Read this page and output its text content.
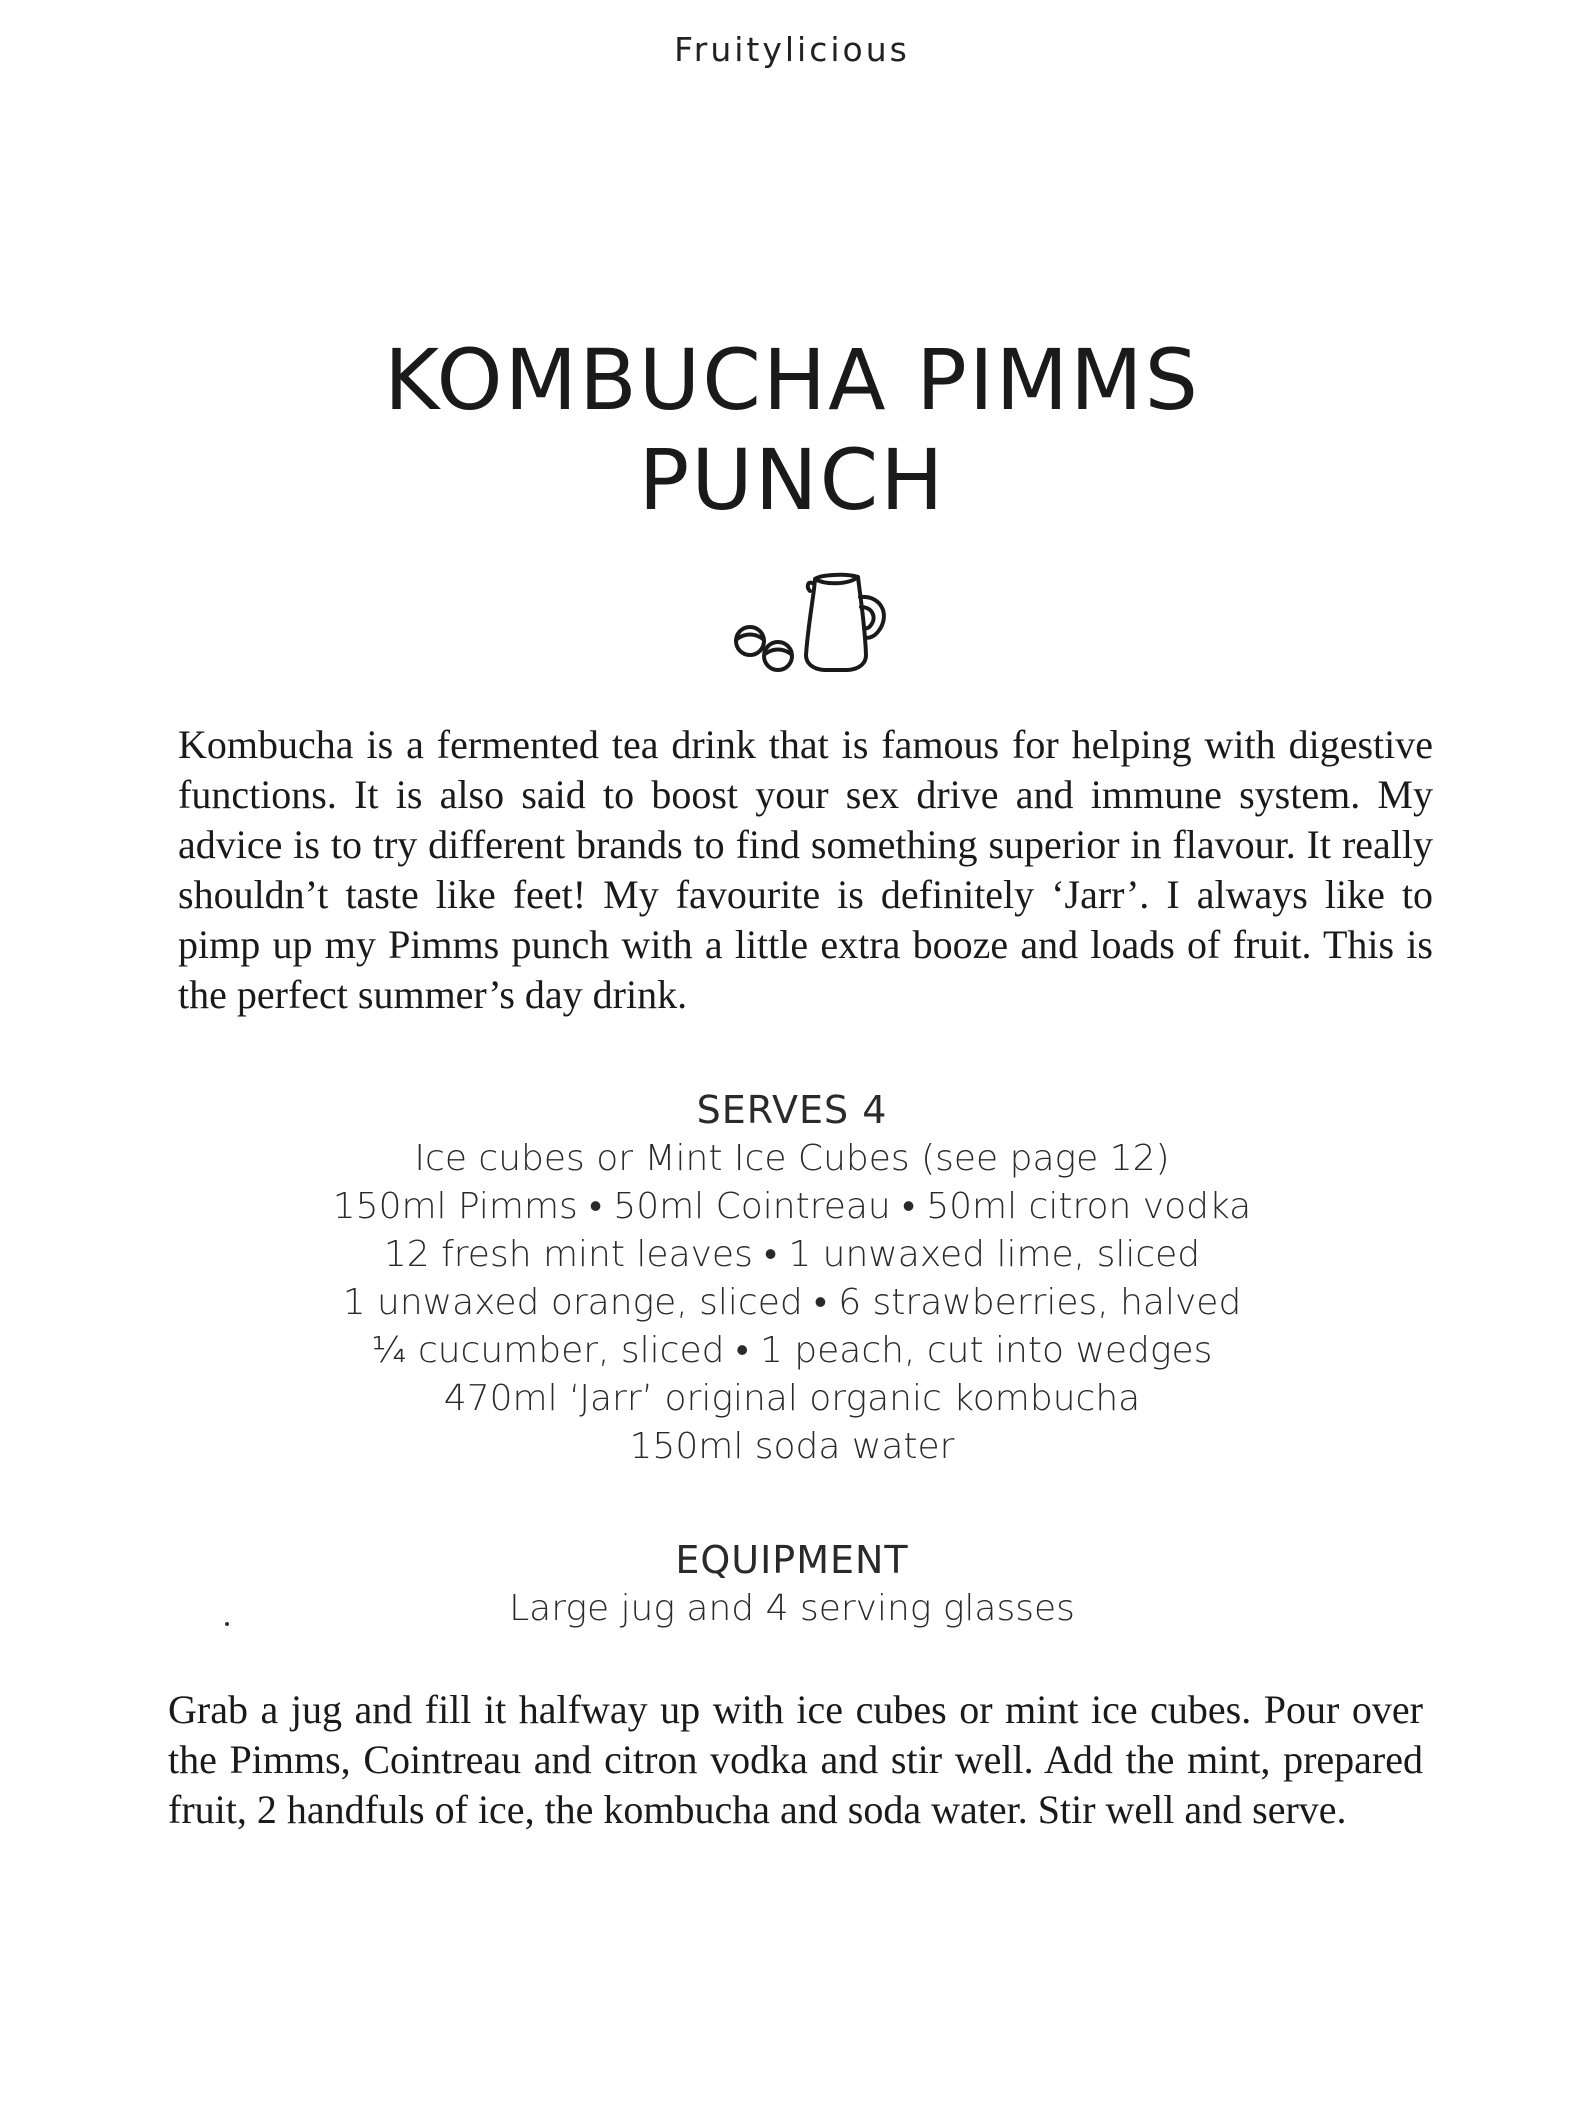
Fruitylicious
KOMBUCHA PIMMS
PUNCH

Kombucha is a fermented tea drink that is famous for helping with digestive functions. It is also said to boost your sex drive and immune system. My advice is to try different brands to find something superior in flavour. It really shouldn’t taste like feet! My favourite is definitely ‘Jarr’. I always like to pimp up my Pimms punch with a little extra booze and loads of fruit. This is the perfect summer’s day drink.

SERVES 4

Ice cubes or Mint Ice Cubes (see page 12)

150ml Pimms • 50ml Cointreau • 50ml citron vodka

12 fresh mint leaves • 1 unwaxed lime, sliced

1 unwaxed orange, sliced • 6 strawberries, halved

¼ cucumber, sliced • 1 peach, cut into wedges

470ml ‘Jarr’ original organic kombucha

150ml soda water

EQUIPMENT

Large jug and 4 serving glasses

Grab a jug and fill it halfway up with ice cubes or mint ice cubes. Pour over the Pimms, Cointreau and citron vodka and stir well. Add the mint, prepared fruit, 2 handfuls of ice, the kombucha and soda water. Stir well and serve.
